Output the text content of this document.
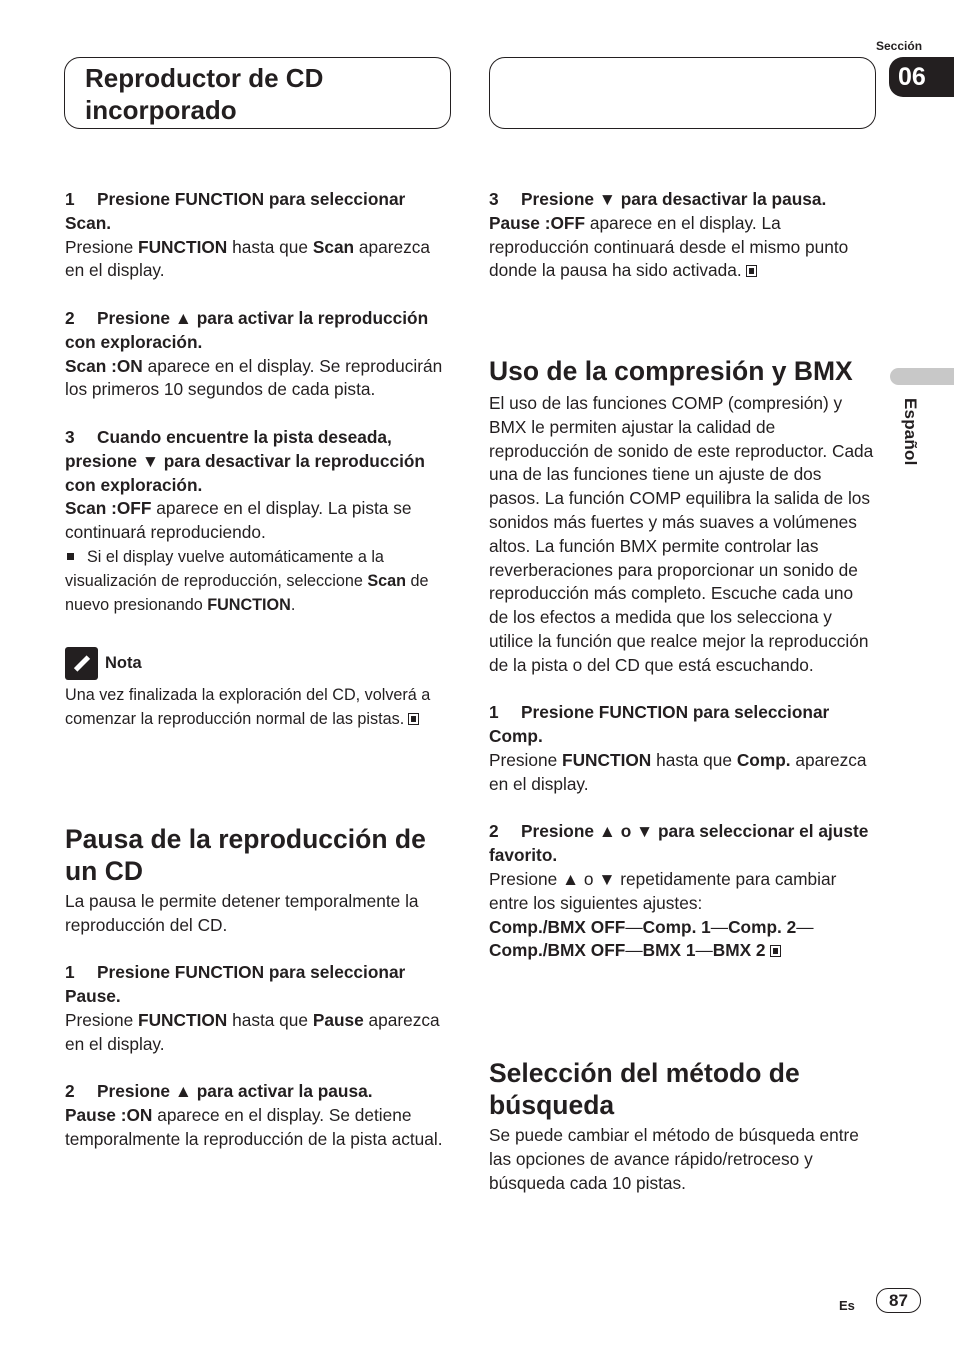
Reproductor de CD
incorporado
Sección
06
Español

1 Presione FUNCTION para seleccionar Scan.

Presione FUNCTION hasta que Scan aparezca en el display.

2 Presione ▲ para activar la reproducción con exploración.

Scan :ON aparece en el display. Se reproducirán los primeros 10 segundos de cada pista.

3 Cuando encuentre la pista deseada, presione ▼ para desactivar la reproducción con exploración.

Scan :OFF aparece en el display. La pista se continuará reproduciendo.

Si el display vuelve automáticamente a la visualización de reproducción, seleccione Scan de nuevo presionando FUNCTION.

Nota

Una vez finalizada la exploración del CD, volverá a comenzar la reproducción normal de las pistas.

Pausa de la reproducción de un CD

La pausa le permite detener temporalmente la reproducción del CD.

1 Presione FUNCTION para seleccionar Pause.

Presione FUNCTION hasta que Pause aparezca en el display.

2 Presione ▲ para activar la pausa.

Pause :ON aparece en el display. Se detiene temporalmente la reproducción de la pista actual.

3 Presione ▼ para desactivar la pausa.

Pause :OFF aparece en el display. La reproducción continuará desde el mismo punto donde la pausa ha sido activada.

Uso de la compresión y BMX

El uso de las funciones COMP (compresión) y BMX le permiten ajustar la calidad de reproducción de sonido de este reproductor. Cada una de las funciones tiene un ajuste de dos pasos. La función COMP equilibra la salida de los sonidos más fuertes y más suaves a volúmenes altos. La función BMX permite controlar las reverberaciones para proporcionar un sonido de reproducción más completo. Escuche cada uno de los efectos a medida que los selecciona y utilice la función que realce mejor la reproducción de la pista o del CD que está escuchando.

1 Presione FUNCTION para seleccionar Comp.

Presione FUNCTION hasta que Comp. aparezca en el display.

2 Presione ▲ o ▼ para seleccionar el ajuste favorito.

Presione ▲ o ▼ repetidamente para cambiar entre los siguientes ajustes:

Comp./BMX OFF—Comp. 1—Comp. 2—
Comp./BMX OFF—BMX 1—BMX 2

Selección del método de búsqueda

Se puede cambiar el método de búsqueda entre las opciones de avance rápido/retroceso y búsqueda cada 10 pistas.

Es	87
